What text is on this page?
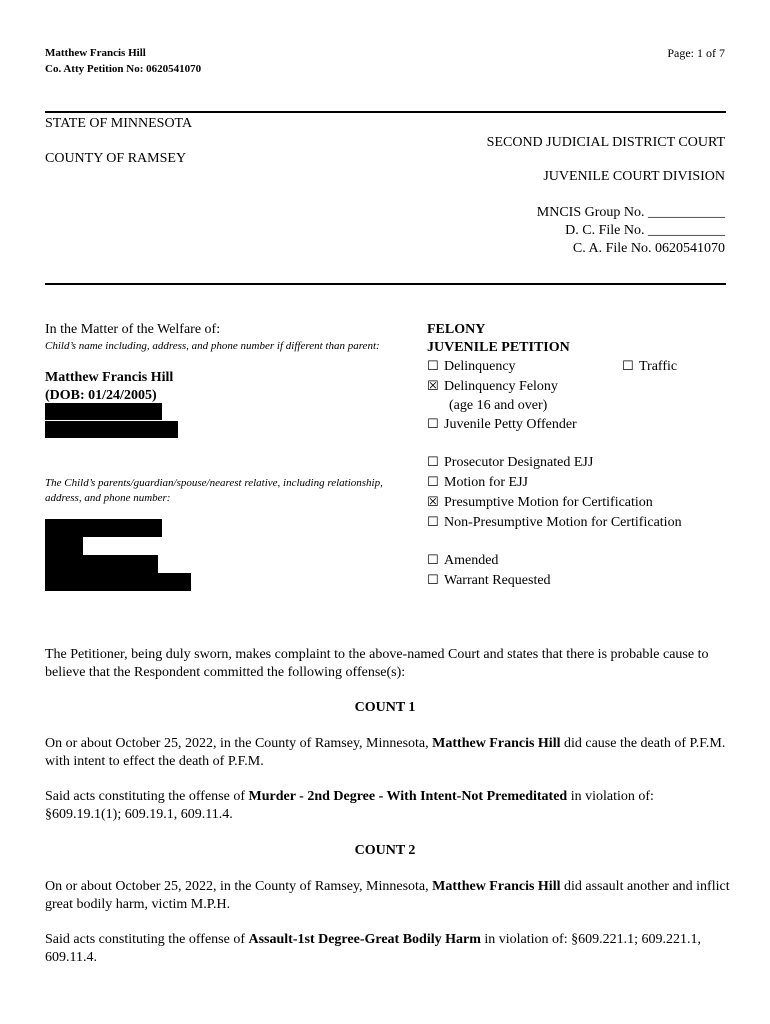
Matthew Francis Hill
Co. Atty Petition No: 0620541070
Page: 1 of 7
STATE OF MINNESOTA
COUNTY OF RAMSEY
SECOND JUDICIAL DISTRICT COURT
JUVENILE COURT DIVISION
MNCIS Group No. ___________
D. C. File No. ___________
C. A. File No. 0620541070
In the Matter of the Welfare of:
Child’s name including, address, and phone number if different than parent:
Matthew Francis Hill
(DOB: 01/24/2005)
The Child’s parents/guardian/spouse/nearest relative, including relationship, address, and phone number:
FELONY
JUVENILE PETITION
☐ Delinquency	☐ Traffic
☒ Delinquency Felony
(age 16 and over)
☐ Juvenile Petty Offender
☐ Prosecutor Designated EJJ
☐ Motion for EJJ
☒ Presumptive Motion for Certification
☐ Non-Presumptive Motion for Certification
☐ Amended
☐ Warrant Requested
The Petitioner, being duly sworn, makes complaint to the above-named Court and states that there is probable cause to believe that the Respondent committed the following offense(s):
COUNT 1
On or about October 25, 2022, in the County of Ramsey, Minnesota, Matthew Francis Hill did cause the death of P.F.M. with intent to effect the death of P.F.M.
Said acts constituting the offense of Murder - 2nd Degree - With Intent-Not Premeditated in violation of: §609.19.1(1); 609.19.1, 609.11.4.
COUNT 2
On or about October 25, 2022, in the County of Ramsey, Minnesota, Matthew Francis Hill did assault another and inflict great bodily harm, victim M.P.H.
Said acts constituting the offense of Assault-1st Degree-Great Bodily Harm in violation of: §609.221.1; 609.221.1, 609.11.4.
